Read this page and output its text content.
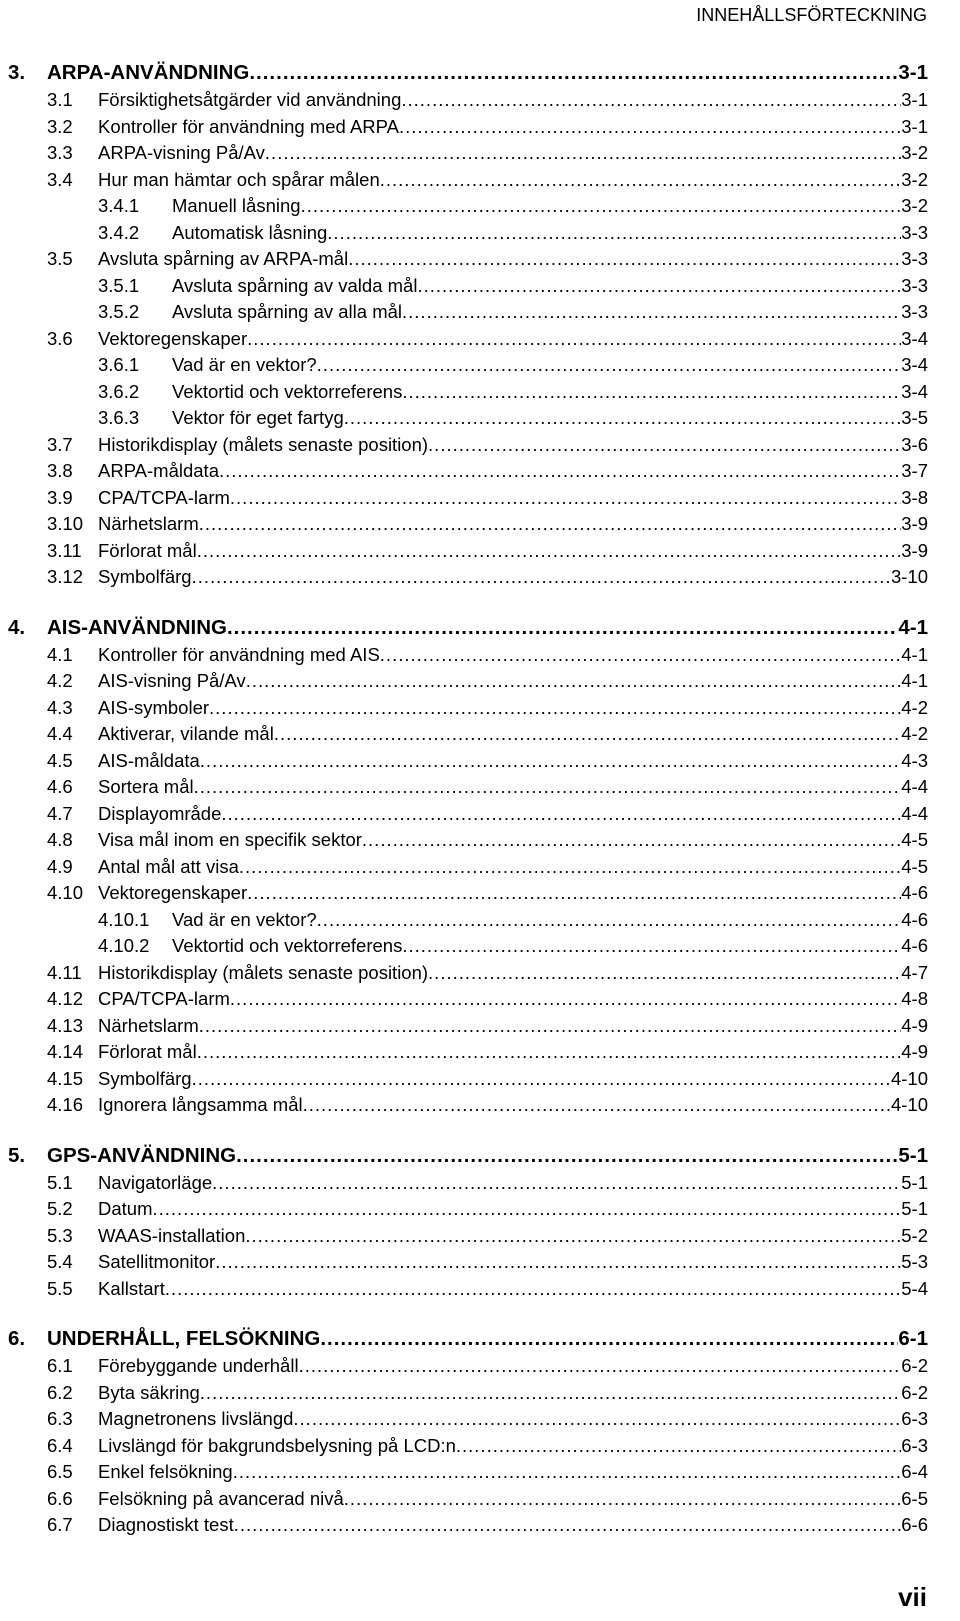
INNEHÅLLSFÖRTECKNING
3. ARPA-ANVÄNDNING .....	3-1
3.1 Försiktighetsåtgärder vid användning .....	3-1
3.2 Kontroller för användning med ARPA .....	3-1
3.3 ARPA-visning På/Av .....	3-2
3.4 Hur man hämtar och spårar målen .....	3-2
3.4.1 Manuell låsning .....	3-2
3.4.2 Automatisk låsning .....	3-3
3.5 Avsluta spårning av ARPA-mål .....	3-3
3.5.1 Avsluta spårning av valda mål .....	3-3
3.5.2 Avsluta spårning av alla mål .....	3-3
3.6 Vektoregenskaper .....	3-4
3.6.1 Vad är en vektor? .....	3-4
3.6.2 Vektortid och vektorreferens .....	3-4
3.6.3 Vektor för eget fartyg .....	3-5
3.7 Historikdisplay (målets senaste position) .....	3-6
3.8 ARPA-måldata .....	3-7
3.9 CPA/TCPA-larm .....	3-8
3.10 Närhetslarm .....	3-9
3.11 Förlorat mål .....	3-9
3.12 Symbolfärg .....	3-10
4. AIS-ANVÄNDNING .....	4-1
4.1 Kontroller för användning med AIS .....	4-1
4.2 AIS-visning På/Av .....	4-1
4.3 AIS-symboler .....	4-2
4.4 Aktiverar, vilande mål .....	4-2
4.5 AIS-måldata .....	4-3
4.6 Sortera mål .....	4-4
4.7 Displayområde .....	4-4
4.8 Visa mål inom en specifik sektor .....	4-5
4.9 Antal mål att visa .....	4-5
4.10 Vektoregenskaper .....	4-6
4.10.1 Vad är en vektor? .....	4-6
4.10.2 Vektortid och vektorreferens .....	4-6
4.11 Historikdisplay (målets senaste position) .....	4-7
4.12 CPA/TCPA-larm .....	4-8
4.13 Närhetslarm .....	4-9
4.14 Förlorat mål .....	4-9
4.15 Symbolfärg .....	4-10
4.16 Ignorera långsamma mål .....	4-10
5. GPS-ANVÄNDNING .....	5-1
5.1 Navigatorläge .....	5-1
5.2 Datum .....	5-1
5.3 WAAS-installation .....	5-2
5.4 Satellitmonitor .....	5-3
5.5 Kallstart .....	5-4
6. UNDERHÅLL, FELSÖKNING .....	6-1
6.1 Förebyggande underhåll .....	6-2
6.2 Byta säkring .....	6-2
6.3 Magnetronens livslängd .....	6-3
6.4 Livslängd för bakgrundsbelysning på LCD:n .....	6-3
6.5 Enkel felsökning .....	6-4
6.6 Felsökning på avancerad nivå .....	6-5
6.7 Diagnostiskt test .....	6-6
vii
